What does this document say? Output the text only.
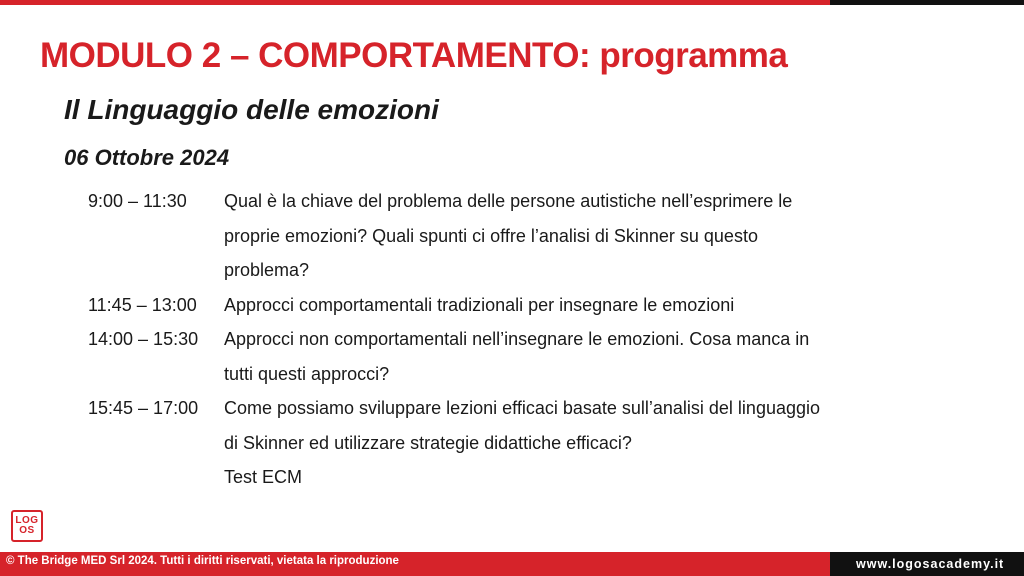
MODULO 2 – COMPORTAMENTO: programma
Il Linguaggio delle emozioni
06 Ottobre 2024
9:00 – 11:30	Qual è la chiave del problema delle persone autistiche nell’esprimere le
proprie emozioni? Quali spunti ci offre l’analisi di Skinner su questo
problema?
11:45 – 13:00	Approcci comportamentali tradizionali per insegnare le emozioni
14:00 – 15:30	Approcci non comportamentali nell’insegnare le emozioni. Cosa manca in
tutti questi approcci?
15:45 – 17:00	Come possiamo sviluppare lezioni efficaci basate sull’analisi del linguaggio
di Skinner ed utilizzare strategie didattiche efficaci?
Test ECM
LOG
OS
© The Bridge MED Srl 2024. Tutti i diritti riservati, vietata la riproduzione	www.logosacademy.it
